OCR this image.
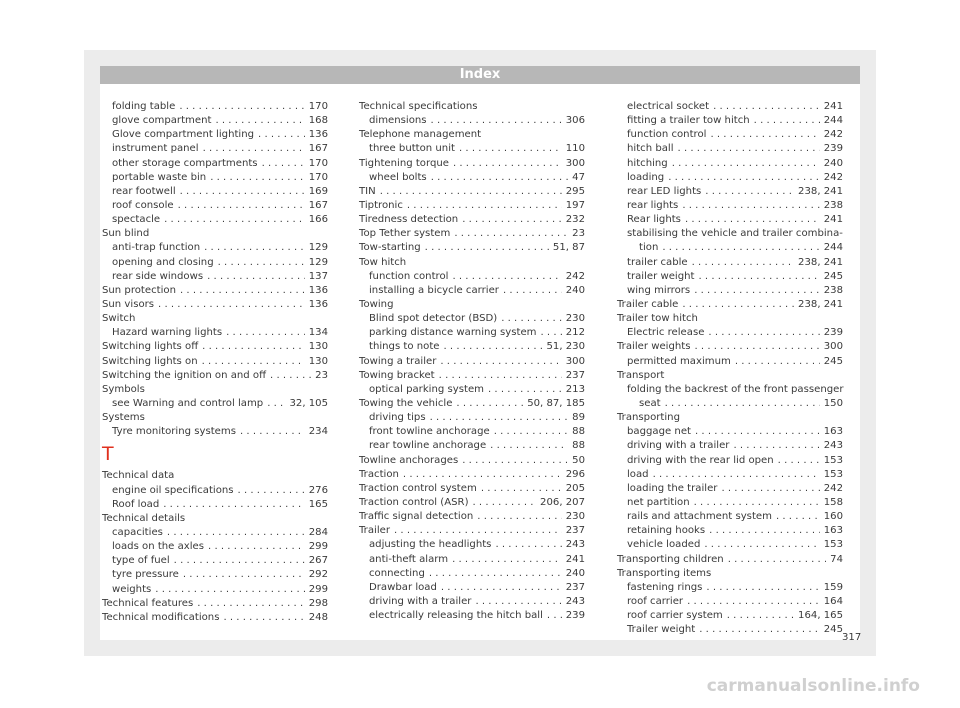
Index
folding table . . .	170
glove compartment . . .	168
Glove compartment lighting . . .	136
instrument panel . . .	167
other storage compartments . . .	170
portable waste bin . . .	170
rear footwell . . .	169
roof console . . .	167
spectacle . . .	166
Sun blind
anti-trap function . . .	129
opening and closing . . .	129
rear side windows . . .	137
Sun protection . . .	136
Sun visors . . .	136
Switch
Hazard warning lights . . .	134
Switching lights off . . .	130
Switching lights on . . .	130
Switching the ignition on and off . . .	23
Symbols
see Warning and control lamp . . .	32, 105
Systems
Tyre monitoring systems . . .	234
T
Technical data
engine oil specifications . . .	276
Roof load . . .	165
Technical details
capacities . . .	284
loads on the axles . . .	299
type of fuel . . .	267
tyre pressure . . .	292
weights . . .	299
Technical features . . .	298
Technical modifications . . .	248
Technical specifications
dimensions . . .	306
Telephone management
three button unit . . .	110
Tightening torque . . .	300
wheel bolts . . .	47
TIN . . .	295
Tiptronic . . .	197
Tiredness detection . . .	232
Top Tether system . . .	23
Tow-starting . . .	51, 87
Tow hitch
function control . . .	242
installing a bicycle carrier . . .	240
Towing
Blind spot detector (BSD) . . .	230
parking distance warning system . . .	212
things to note . . .	51, 230
Towing a trailer . . .	300
Towing bracket . . .	237
optical parking system . . .	213
Towing the vehicle . . .	50, 87, 185
driving tips . . .	89
front towline anchorage . . .	88
rear towline anchorage . . .	88
Towline anchorages . . .	50
Traction . . .	296
Traction control system . . .	205
Traction control (ASR) . . .	206, 207
Traffic signal detection . . .	230
Trailer . . .	237
adjusting the headlights . . .	243
anti-theft alarm . . .	241
connecting . . .	240
Drawbar load . . .	237
driving with a trailer . . .	243
electrically releasing the hitch ball . . . 239
electrical socket . . .	241
fitting a trailer tow hitch . . .	244
function control . . .	242
hitch ball . . .	239
hitching . . .	240
loading . . .	242
rear LED lights . . .	238, 241
rear lights . . .	238
Rear lights . . .	241
stabilising the vehicle and trailer combina-
tion . . .	244
trailer cable . . .	238, 241
trailer weight . . .	245
wing mirrors . . .	238
Trailer cable . . .	238, 241
Trailer tow hitch
Electric release . . .	239
Trailer weights . . .	300
permitted maximum . . .	245
Transport
folding the backrest of the front passenger
seat . . .	150
Transporting
baggage net . . .	163
driving with a trailer . . .	243
driving with the rear lid open . . .	153
load . . .	153
loading the trailer . . .	242
net partition . . .	158
rails and attachment system . . .	160
retaining hooks . . .	163
vehicle loaded . . .	153
Transporting children . . .	74
Transporting items
fastening rings . . .	159
roof carrier . . .	164
roof carrier system . . .	164, 165
Trailer weight . . .	245
317
carmanualsonline.info
